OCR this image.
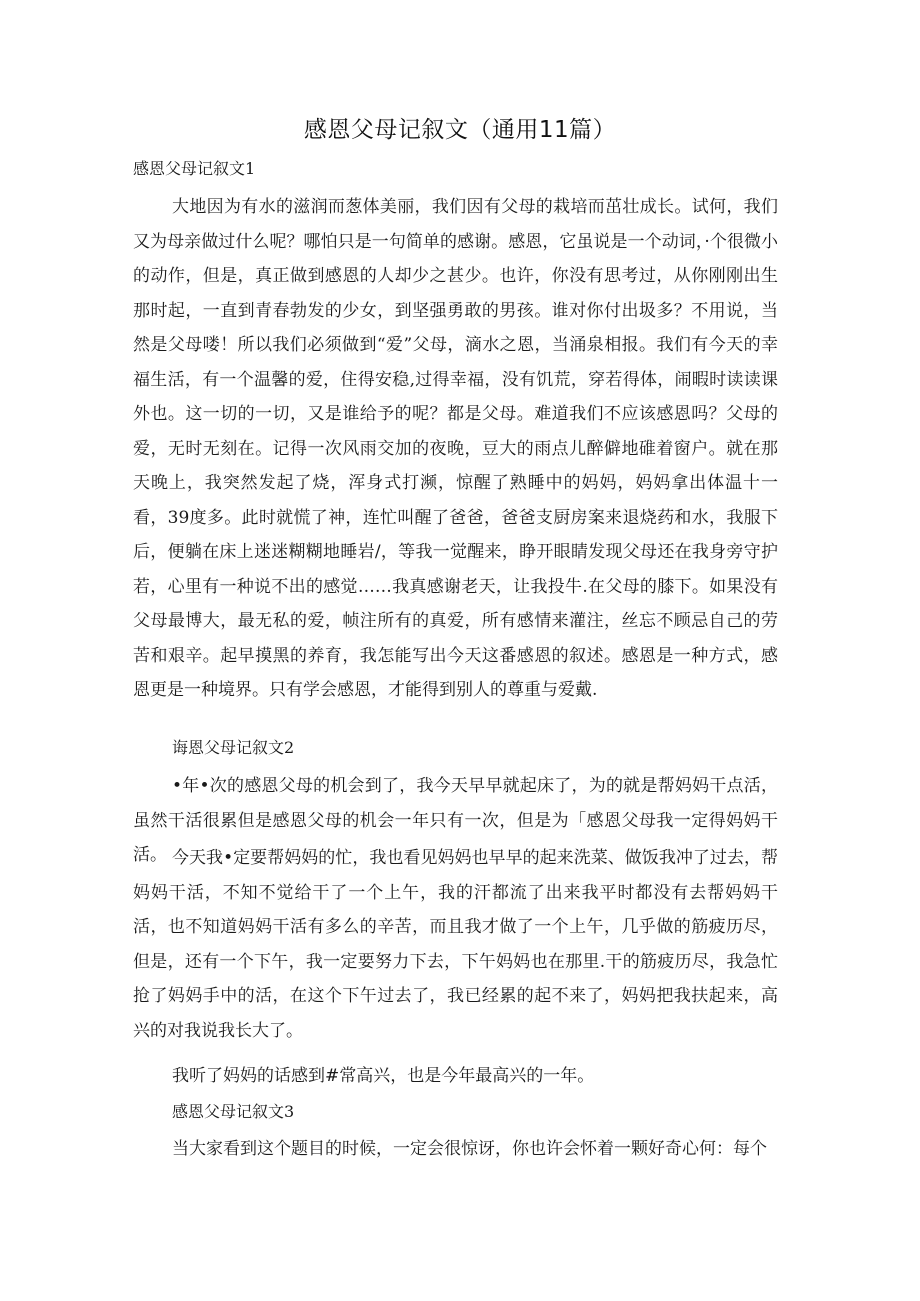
感恩父母记叙文（通用11篇）
感恩父母记叙文1

大地因为有水的滋润而葱体美丽，我们因有父母的栽培而茁壮成长。试何，我们又为母亲做过什么呢？哪怕只是一句简单的感谢。感恩，它虽说是一个动词，·个很微小的动作，但是，真正做到感恩的人却少之甚少。也许，你没有思考过，从你刚刚出生那时起，一直到青春勃发的少女，到坚强勇敢的男孩。谁对你付出圾多？不用说，当然是父母喽！所以我们必须做到“爱”父母，滴水之恩，当涌泉相报。我们有今天的幸福生活，有一个温馨的爱，住得安稳,过得幸福，没有饥荒，穿若得体，闹暇时读读课外也。这一切的一切，又是谁给予的呢？都是父母。难道我们不应该感恩吗？父母的爱，无时无刻在。记得一次风雨交加的夜晚，豆大的雨点儿醉僻地碓着窗户。就在那天晚上，我突然发起了烧，浑身式打濒，惊醒了熟睡中的妈妈，妈妈拿出体温十一看，39度多。此时就慌了神，连忙叫醒了爸爸，爸爸支厨房案来退烧药和水，我服下后，便躺在床上迷迷糊糊地睡岩/，等我一觉醒来，睁开眼睛发现父母还在我身旁守护若，心里有一种说不出的感觉……我真感谢老天，让我投牛.在父母的膝下。如果没有父母最博大，最无私的爱，帧注所有的真爱，所有感情来灌注，丝忘不顾忌自己的劳苦和艰辛。起早摸黑的养育，我怎能写出今天这番感恩的叙述。感恩是一种方式，感恩更是一种境界。只有学会感恩，才能得到别人的尊重与爱戴.

诲恩父母记叙文2

•年•次的感恩父母的机会到了，我今天早早就起床了，为的就是帮妈妈干点活，虽然干活很累但是感恩父母的机会一年只有一次，但是为「感恩父母我一定得妈妈干活。 今天我•定要帮妈妈的忙，我也看见妈妈也早早的起来洗菜、做饭我冲了过去，帮妈妈干活，不知不觉给干了一个上午，我的汗都流了出来我平时都没有去帮妈妈干活，也不知道妈妈干活有多么的辛苦，而且我才做了一个上午，几乎做的筋疲历尽，但是，还有一个下午，我一定要努力下去，下午妈妈也在那里.干的筋疲历尽，我急忙抢了妈妈手中的活，在这个下午过去了，我已经累的起不来了，妈妈把我扶起来，高兴的对我说我长大了。

我听了妈妈的话感到#常高兴，也是今年最高兴的一年。

感恩父母记叙文3

当大家看到这个题目的时候，一定会很惊讶，你也许会怀着一颗好奇心何：每个
